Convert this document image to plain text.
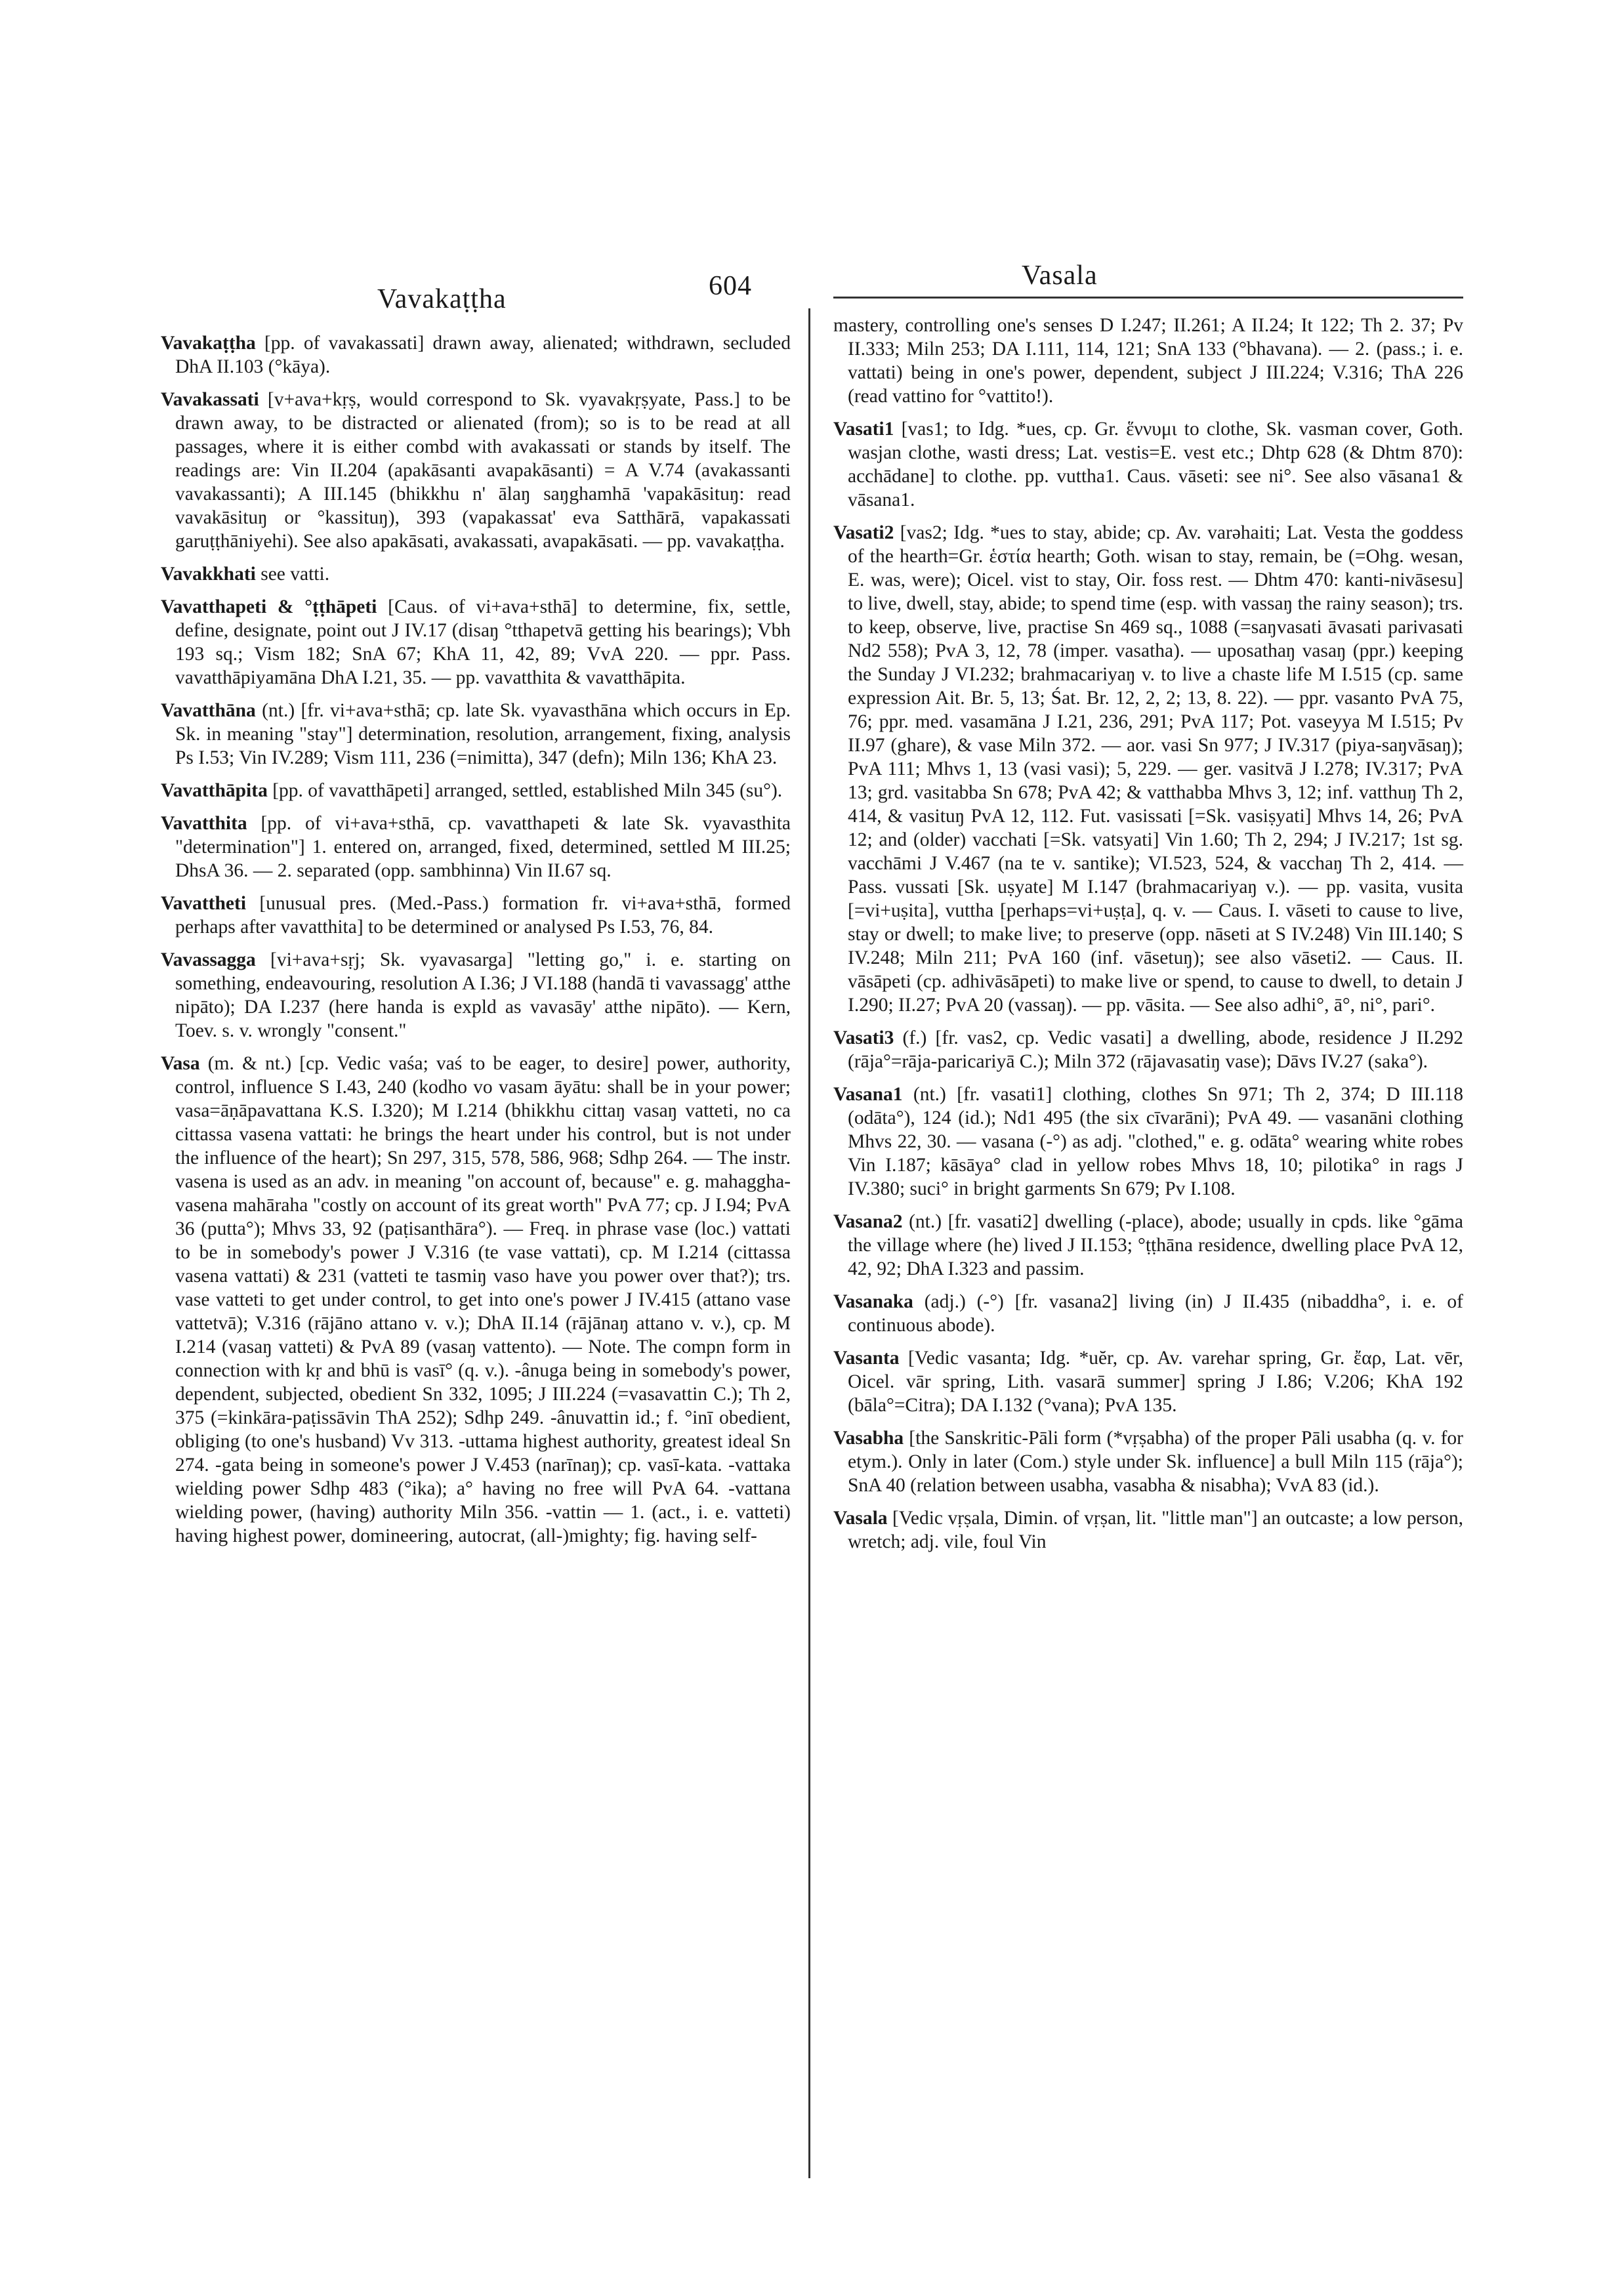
Vavakaṭṭha	604	Vasala
Vavakaṭṭha [pp. of vavakassati] drawn away, alienated; withdrawn, secluded DhA II.103 (°kāya).
Vavakassati [v+ava+kṛṣ, would correspond to Sk. vyavakṛṣyate, Pass.] to be drawn away, to be distracted or alienated (from); so is to be read at all passages, where it is either combd with avakassati or stands by itself. The readings are: Vin II.204 (apakāsanti avapakāsanti) = A V.74 (avakassanti vavakassanti); A III.145 (bhikkhu n' ālaŋ saŋghamhā 'vapakāsituŋ: read vavakāsituŋ or °kassituŋ), 393 (vapakassat' eva Satthārā, vapakassati garuṭṭhāniyehi). See also apakāsati, avakassati, avapakāsati. — pp. vavakaṭṭha.
Vavakkhati see vatti.
Vavatthapeti & °ṭṭhāpeti [Caus. of vi+ava+sthā] to determine, fix, settle, define, designate, point out J IV.17 (disaŋ °tthapetvā getting his bearings); Vbh 193 sq.; Vism 182; SnA 67; KhA 11, 42, 89; VvA 220. — ppr. Pass. vavatthāpiyamāna DhA I.21, 35. — pp. vavatthita & vavatthāpita.
Vavatthāna (nt.) [fr. vi+ava+sthā; cp. late Sk. vyavasthāna which occurs in Ep. Sk. in meaning "stay"] determination, resolution, arrangement, fixing, analysis Ps I.53; Vin IV.289; Vism 111, 236 (=nimitta), 347 (defn); Miln 136; KhA 23.
Vavatthāpita [pp. of vavatthāpeti] arranged, settled, established Miln 345 (su°).
Vavatthita [pp. of vi+ava+sthā, cp. vavatthapeti & late Sk. vyavasthita "determination"] 1. entered on, arranged, fixed, determined, settled M III.25; DhsA 36. — 2. separated (opp. sambhinna) Vin II.67 sq.
Vavattheti [unusual pres. (Med.-Pass.) formation fr. vi+ava+sthā, formed perhaps after vavatthita] to be determined or analysed Ps I.53, 76, 84.
Vavassagga [vi+ava+sṛj; Sk. vyavasarga] "letting go," i. e. starting on something, endeavouring, resolution A I.36; J VI.188 (handā ti vavassagg' atthe nipāto); DA I.237 (here handa is expld as vavasāy' atthe nipāto). — Kern, Toev. s. v. wrongly "consent."
Vasa (m. & nt.) [cp. Vedic vaśa; vaś to be eager, to desire] power, authority, control, influence S I.43, 240 (kodho vo vasam āyātu: shall be in your power; vasa=āṇāpavattana K.S. I.320); M I.214 (bhikkhu cittaŋ vasaŋ vatteti, no ca cittassa vasena vattati: he brings the heart under his control, but is not under the influence of the heart); Sn 297, 315, 578, 586, 968; Sdhp 264. — The instr. vasena is used as an adv. in meaning "on account of, because" e. g. mahaggha-vasena mahāraha "costly on account of its great worth" PvA 77; cp. J I.94; PvA 36 (putta°); Mhvs 33, 92 (paṭisanthāra°). — Freq. in phrase vase (loc.) vattati to be in somebody's power J V.316 (te vase vattati), cp. M I.214 (cittassa vasena vattati) & 231 (vatteti te tasmiŋ vaso have you power over that?); trs. vase vatteti to get under control, to get into one's power J IV.415 (attano vase vattetvā); V.316 (rājāno attano v. v.); DhA II.14 (rājānaŋ attano v. v.), cp. M I.214 (vasaŋ vatteti) & PvA 89 (vasaŋ vattento). — Note. The compn form in connection with kṛ and bhū is vasī° (q. v.). -ânuga being in somebody's power, dependent, subjected, obedient Sn 332, 1095; J III.224 (=vasavattin C.); Th 2, 375 (=kinkāra-paṭissāvin ThA 252); Sdhp 249. -ânuvattin id.; f. °inī obedient, obliging (to one's husband) Vv 313. -uttama highest authority, greatest ideal Sn 274. -gata being in someone's power J V.453 (narīnaŋ); cp. vasī-kata. -vattaka wielding power Sdhp 483 (°ika); a° having no free will PvA 64. -vattana wielding power, (having) authority Miln 356. -vattin — 1. (act., i. e. vatteti) having highest power, domineering, autocrat, (all-)mighty; fig. having self-
mastery, controlling one's senses D I.247; II.261; A II.24; It 122; Th 2. 37; Pv II.333; Miln 253; DA I.111, 114, 121; SnA 133 (°bhavana). — 2. (pass.; i. e. vattati) being in one's power, dependent, subject J III.224; V.316; ThA 226 (read vattino for °vattito!).
Vasati1 [vas1; to Idg. *ues, cp. Gr. ἕννυμι to clothe, Sk. vasman cover, Goth. wasjan clothe, wasti dress; Lat. vestis=E. vest etc.; Dhtp 628 (& Dhtm 870): acchādane] to clothe. pp. vuttha1. Caus. vāseti: see ni°. See also vāsana1 & vāsana1.
Vasati2 [vas2; Idg. *ues to stay, abide; cp. Av. varəhaiti; Lat. Vesta the goddess of the hearth=Gr. ἑστία hearth; Goth. wisan to stay, remain, be (=Ohg. wesan, E. was, were); Oicel. vist to stay, Oir. foss rest. — Dhtm 470: kanti-nivāsesu] to live, dwell, stay, abide; to spend time (esp. with vassaŋ the rainy season); trs. to keep, observe, live, practise Sn 469 sq., 1088 (=saŋvasati āvasati parivasati Nd2 558); PvA 3, 12, 78 (imper. vasatha). — uposathaŋ vasaŋ (ppr.) keeping the Sunday J VI.232; brahmacariyaŋ v. to live a chaste life M I.515 (cp. same expression Ait. Br. 5, 13; Śat. Br. 12, 2, 2; 13, 8. 22). — ppr. vasanto PvA 75, 76; ppr. med. vasamāna J I.21, 236, 291; PvA 117; Pot. vaseyya M I.515; Pv II.97 (ghare), & vase Miln 372. — aor. vasi Sn 977; J IV.317 (piya-saŋvāsaŋ); PvA 111; Mhvs 1, 13 (vasi vasi); 5, 229. — ger. vasitvā J I.278; IV.317; PvA 13; grd. vasitabba Sn 678; PvA 42; & vatthabba Mhvs 3, 12; inf. vatthuŋ Th 2, 414, & vasituŋ PvA 12, 112. Fut. vasissati [=Sk. vasiṣyati] Mhvs 14, 26; PvA 12; and (older) vacchati [=Sk. vatsyati] Vin 1.60; Th 2, 294; J IV.217; 1st sg. vacchāmi J V.467 (na te v. santike); VI.523, 524, & vacchaŋ Th 2, 414. — Pass. vussati [Sk. uṣyate] M I.147 (brahmacariyaŋ v.). — pp. vasita, vusita [=vi+uṣita], vuttha [perhaps=vi+uṣṭa], q. v. — Caus. I. vāseti to cause to live, stay or dwell; to make live; to preserve (opp. nāseti at S IV.248) Vin III.140; S IV.248; Miln 211; PvA 160 (inf. vāsetuŋ); see also vāseti2. — Caus. II. vāsāpeti (cp. adhivāsāpeti) to make live or spend, to cause to dwell, to detain J I.290; II.27; PvA 20 (vassaŋ). — pp. vāsita. — See also adhi°, ā°, ni°, pari°.
Vasati3 (f.) [fr. vas2, cp. Vedic vasati] a dwelling, abode, residence J II.292 (rāja°=rāja-paricariyā C.); Miln 372 (rājavasatiŋ vase); Dāvs IV.27 (saka°).
Vasana1 (nt.) [fr. vasati1] clothing, clothes Sn 971; Th 2, 374; D III.118 (odāta°), 124 (id.); Nd1 495 (the six cīvarāni); PvA 49. — vasanāni clothing Mhvs 22, 30. — vasana (-°) as adj. "clothed," e. g. odāta° wearing white robes Vin I.187; kāsāya° clad in yellow robes Mhvs 18, 10; pilotika° in rags J IV.380; suci° in bright garments Sn 679; Pv I.108.
Vasana2 (nt.) [fr. vasati2] dwelling (-place), abode; usually in cpds. like °gāma the village where (he) lived J II.153; °ṭṭhāna residence, dwelling place PvA 12, 42, 92; DhA I.323 and passim.
Vasanaka (adj.) (-°) [fr. vasana2] living (in) J II.435 (nibaddha°, i. e. of continuous abode).
Vasanta [Vedic vasanta; Idg. *uĕr, cp. Av. varehar spring, Gr. ἔαρ, Lat. vēr, Oicel. vār spring, Lith. vasarā summer] spring J I.86; V.206; KhA 192 (bāla°=Citra); DA I.132 (°vana); PvA 135.
Vasabha [the Sanskritic-Pāli form (*vṛṣabha) of the proper Pāli usabha (q. v. for etym.). Only in later (Com.) style under Sk. influence] a bull Miln 115 (rāja°); SnA 40 (relation between usabha, vasabha & nisabha); VvA 83 (id.).
Vasala [Vedic vṛṣala, Dimin. of vṛṣan, lit. "little man"] an outcaste; a low person, wretch; adj. vile, foul Vin
